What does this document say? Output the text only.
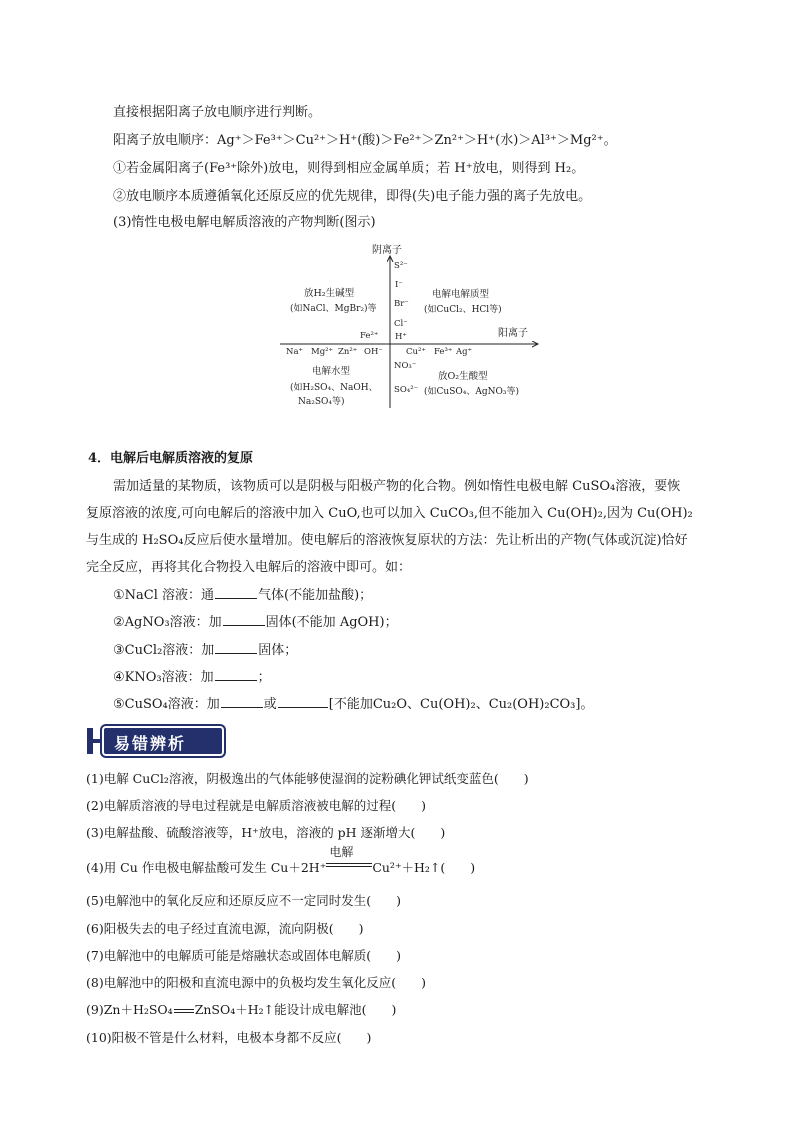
直接根据阳离子放电顺序进行判断。
阳离子放电顺序：Ag⁺＞Fe³⁺＞Cu²⁺＞H⁺(酸)＞Fe²⁺＞Zn²⁺＞H⁺(水)＞Al³⁺＞Mg²⁺。
①若金属阳离子(Fe³⁺除外)放电，则得到相应金属单质；若 H⁺放电，则得到 H₂。
②放电顺序本质遵循氧化还原反应的优先规律，即得(失)电子能力强的离子先放电。
(3)惰性电极电解电解质溶液的产物判断(图示)
阴离子
阳离子
S²⁻
I⁻
Br⁻
Cl⁻
H⁺
Fe²⁺
NO₃⁻
SO₄²⁻
Na⁺ Mg²⁺ Zn²⁺ OH⁻	Cu²⁺ Fe³⁺ Ag⁺
放H₂生碱型
(如NaCl、MgBr₂)等
电解电解质型
(如CuCl₂、HCl等)
电解水型
(如H₂SO₄、NaOH、
Na₂SO₄等)
放O₂生酸型
(如CuSO₄、AgNO₃等)
4．电解后电解质溶液的复原
需加适量的某物质，该物质可以是阴极与阳极产物的化合物。例如惰性电极电解 CuSO₄溶液，要恢
复原溶液的浓度,可向电解后的溶液中加入 CuO,也可以加入 CuCO₃,但不能加入 Cu(OH)₂,因为 Cu(OH)₂
与生成的 H₂SO₄反应后使水量增加。使电解后的溶液恢复原状的方法：先让析出的产物(气体或沉淀)恰好
完全反应，再将其化合物投入电解后的溶液中即可。如：
①NaCl 溶液：通	气体(不能加盐酸)；
②AgNO₃溶液：加	固体(不能加 AgOH)；
③CuCl₂溶液：加	固体；
④KNO₃溶液：加	；
⑤CuSO₄溶液：加	或	[不能加Cu₂O、Cu(OH)₂、Cu₂(OH)₂CO₃]。
易错辨析
(1)电解 CuCl₂溶液，阴极逸出的气体能够使湿润的淀粉碘化钾试纸变蓝色(　　)
(2)电解质溶液的导电过程就是电解质溶液被电解的过程(　　)
(3)电解盐酸、硫酸溶液等，H⁺放电，溶液的 pH 逐渐增大(　　)
(4)用 Cu 作电极电解盐酸可发生 Cu＋2H⁺
电解
Cu²⁺＋H₂↑(　　)
(5)电解池中的氧化反应和还原反应不一定同时发生(　　)
(6)阳极失去的电子经过直流电源，流向阴极(　　)
(7)电解池中的电解质可能是熔融状态或固体电解质(　　)
(8)电解池中的阳极和直流电源中的负极均发生氧化反应(　　)
(9)Zn＋H₂SO₄ ZnSO₄＋H₂↑能设计成电解池(　　)
(10)阳极不管是什么材料，电极本身都不反应(　　)
